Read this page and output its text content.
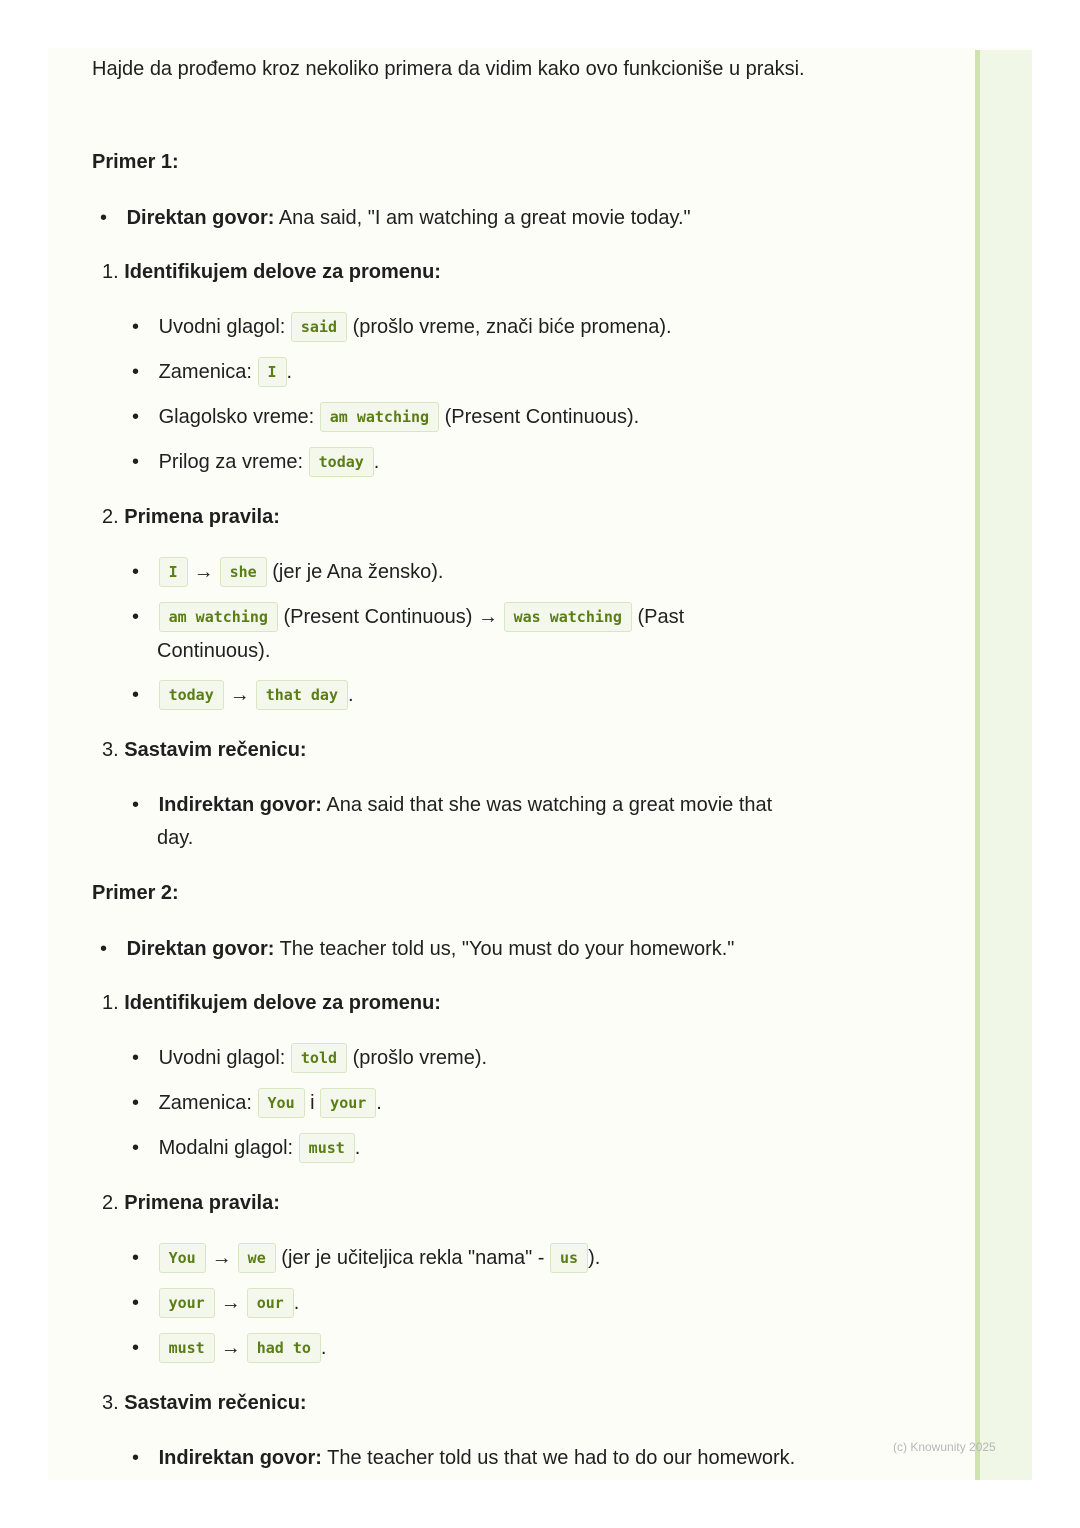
Hajde da prođemo kroz nekoliko primera da vidim kako ovo funkcioniše u praksi.

Primer 1:

• Direktan govor: Ana said, "I am watching a great movie today."
1. Identifikujem delove za promenu:
• Uvodni glagol: said (prošlo vreme, znači biće promena).
• Zamenica: I .
• Glagolsko vreme: am watching (Present Continuous).
• Prilog za vreme: today .
2. Primena pravila:
• I → she (jer je Ana žensko).
• am watching (Present Continuous) → was watching (Past
Continuous).
• today → that day .
3. Sastavim rečenicu:
• Indirektan govor: Ana said that she was watching a great movie that
day.

Primer 2:

• Direktan govor: The teacher told us, "You must do your homework."
1. Identifikujem delove za promenu:
• Uvodni glagol: told (prošlo vreme).
• Zamenica: You i your .
• Modalni glagol: must .
2. Primena pravila:
• You → we (jer je učiteljica rekla "nama" - us ).
• your → our .
• must → had to .
3. Sastavim rečenicu:
• Indirektan govor: The teacher told us that we had to do our homework.	(c) Knowunity 2025
